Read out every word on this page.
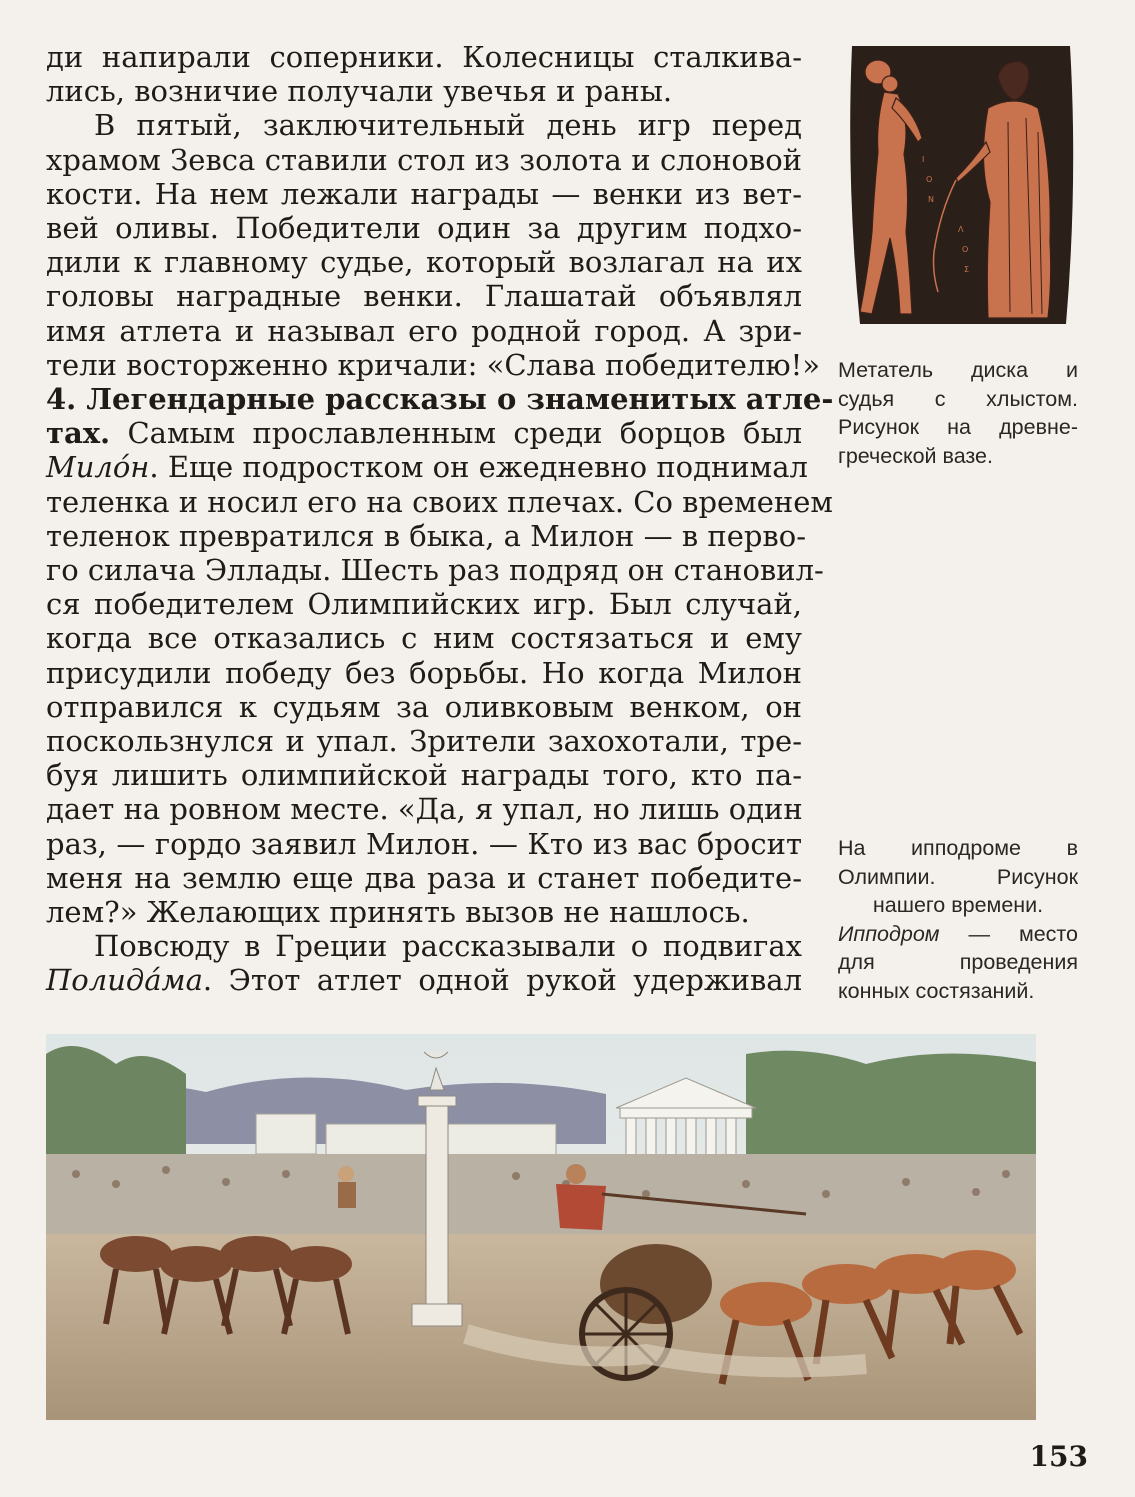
ди напирали соперники. Колесницы сталкива-
лись, возничие получали увечья и раны.
В пятый, заключительный день игр перед
храмом Зевса ставили стол из золота и слоновой
кости. На нем лежали награды — венки из вет-
вей оливы. Победители один за другим подхо-
дили к главному судье, который возлагал на их
головы наградные венки. Глашатай объявлял
имя атлета и называл его родной город. А зри-
тели восторженно кричали: «Слава победителю!»
4. Легендарные рассказы о знаменитых атле-
тах. Самым прославленным среди борцов был
Милóн. Еще подростком он ежедневно поднимал
теленка и носил его на своих плечах. Со временем
теленок превратился в быка, а Милон — в перво-
го силача Эллады. Шесть раз подряд он становил-
ся победителем Олимпийских игр. Был случай,
когда все отказались с ним состязаться и ему
присудили победу без борьбы. Но когда Милон
отправился к судьям за оливковым венком, он
поскользнулся и упал. Зрители захохотали, тре-
буя лишить олимпийской награды того, кто па-
дает на ровном месте. «Да, я упал, но лишь один
раз, — гордо заявил Милон. — Кто из вас бросит
меня на землю еще два раза и станет победите-
лем?» Желающих принять вызов не нашлось.
Повсюду в Греции рассказывали о подвигах
Полидáма. Этот атлет одной рукой удерживал
Ι
Ο
Ν
Λ
Ο
Σ
Метатель диска и
судья с хлыстом.
Рисунок на древне-
греческой вазе.
На ипподроме в
Олимпии. Рисунок
нашего времени.
Ипподром — место
для проведения
конных состязаний.
153
